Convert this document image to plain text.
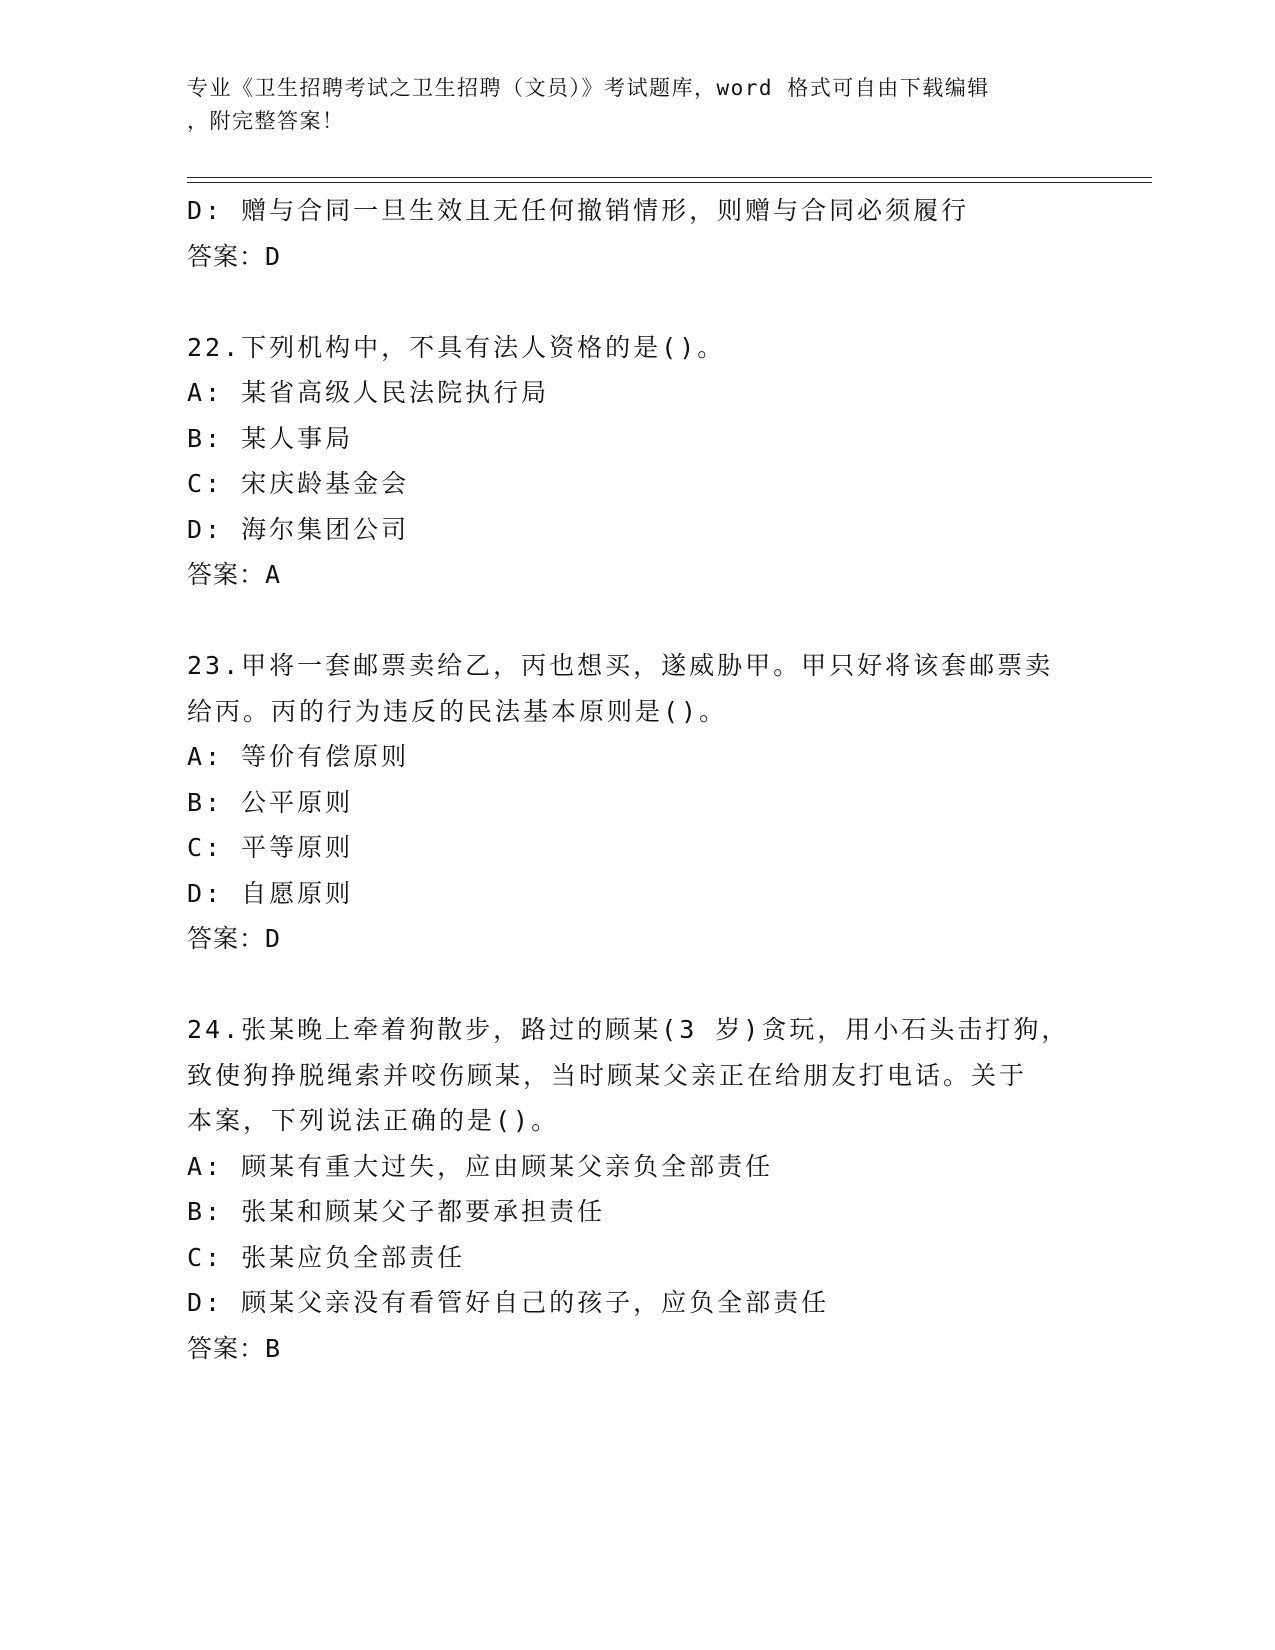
专业《卫生招聘考试之卫生招聘（文员）》考试题库，word 格式可自由下载编辑
，附完整答案！

D: 赠与合同一旦生效且无任何撤销情形，则赠与合同必须履行

答案：D

22.下列机构中，不具有法人资格的是()。

A: 某省高级人民法院执行局

B: 某人事局

C: 宋庆龄基金会

D: 海尔集团公司

答案：A

23.甲将一套邮票卖给乙，丙也想买，遂威胁甲。甲只好将该套邮票卖

给丙。丙的行为违反的民法基本原则是()。

A: 等价有偿原则

B: 公平原则

C: 平等原则

D: 自愿原则

答案：D

24.张某晚上牵着狗散步，路过的顾某(3 岁)贪玩，用小石头击打狗，

致使狗挣脱绳索并咬伤顾某，当时顾某父亲正在给朋友打电话。关于

本案，下列说法正确的是()。

A: 顾某有重大过失，应由顾某父亲负全部责任

B: 张某和顾某父子都要承担责任

C: 张某应负全部责任

D: 顾某父亲没有看管好自己的孩子，应负全部责任

答案：B
